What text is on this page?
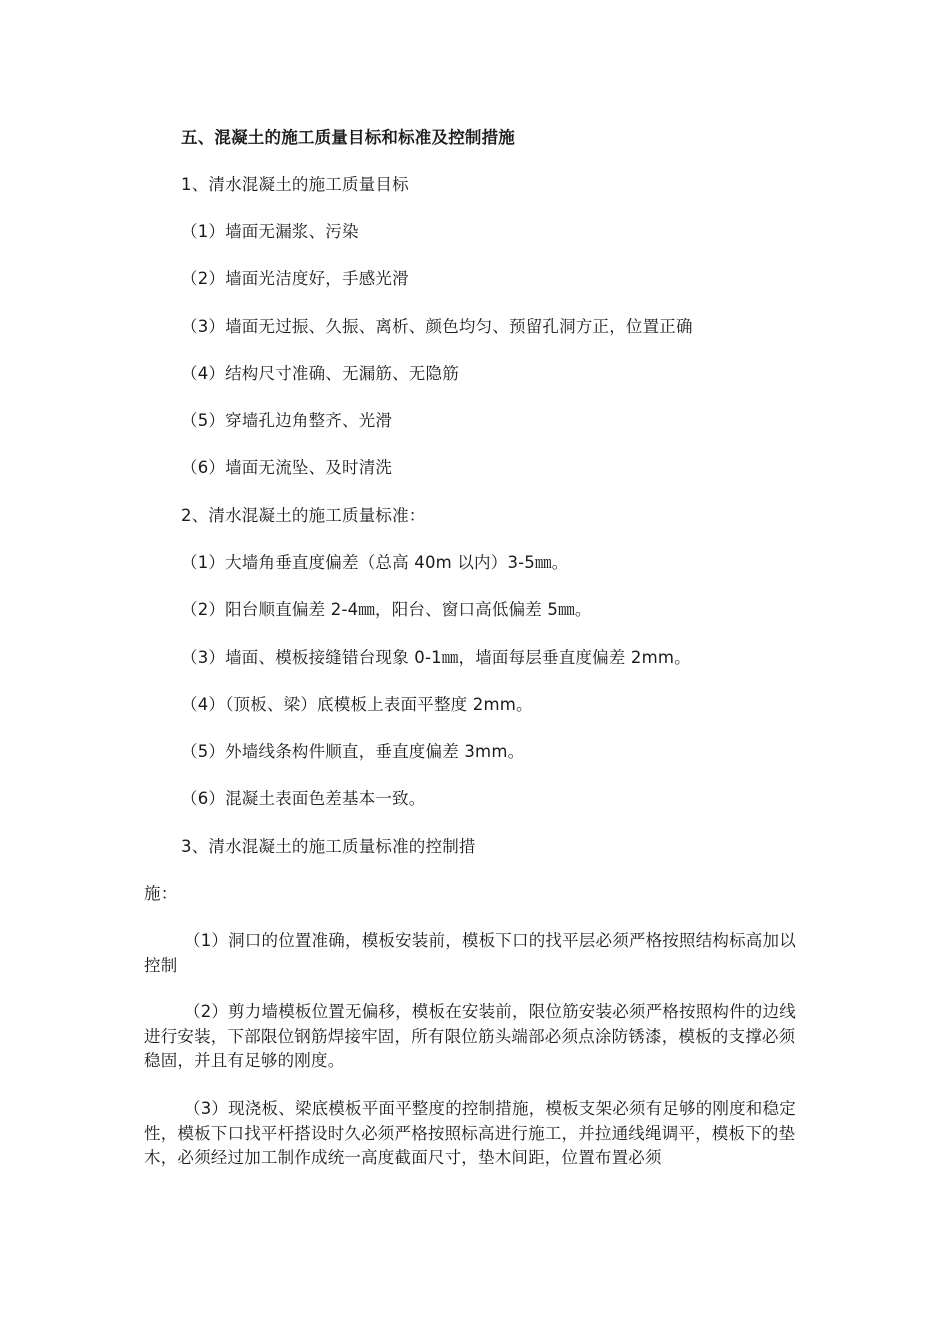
五、混凝土的施工质量目标和标准及控制措施
1、清水混凝土的施工质量目标
（1）墙面无漏浆、污染
（2）墙面光洁度好，手感光滑
（3）墙面无过振、久振、离析、颜色均匀、预留孔洞方正，位置正确
（4）结构尺寸准确、无漏筋、无隐筋
（5）穿墙孔边角整齐、光滑
（6）墙面无流坠、及时清洗
2、清水混凝土的施工质量标准：
（1）大墙角垂直度偏差（总高 40m 以内）3-5㎜。
（2）阳台顺直偏差 2-4㎜，阳台、窗口高低偏差 5㎜。
（3）墙面、模板接缝错台现象 0-1㎜，墙面每层垂直度偏差 2mm。
（4）（顶板、梁）底模板上表面平整度 2mm。
（5）外墙线条构件顺直，垂直度偏差 3mm。
（6）混凝土表面色差基本一致。
3、清水混凝土的施工质量标准的控制措
施：
（1）洞口的位置准确，模板安装前，模板下口的找平层必须严格按照结构标高加以控制
（2）剪力墙模板位置无偏移，模板在安装前，限位筋安装必须严格按照构件的边线进行安装，下部限位钢筋焊接牢固，所有限位筋头端部必须点涂防锈漆，模板的支撑必须稳固，并且有足够的刚度。
（3）现浇板、梁底模板平面平整度的控制措施，模板支架必须有足够的刚度和稳定性，模板下口找平杆搭设时久必须严格按照标高进行施工，并拉通线绳调平，模板下的垫木，必须经过加工制作成统一高度截面尺寸，垫木间距，位置布置必须
